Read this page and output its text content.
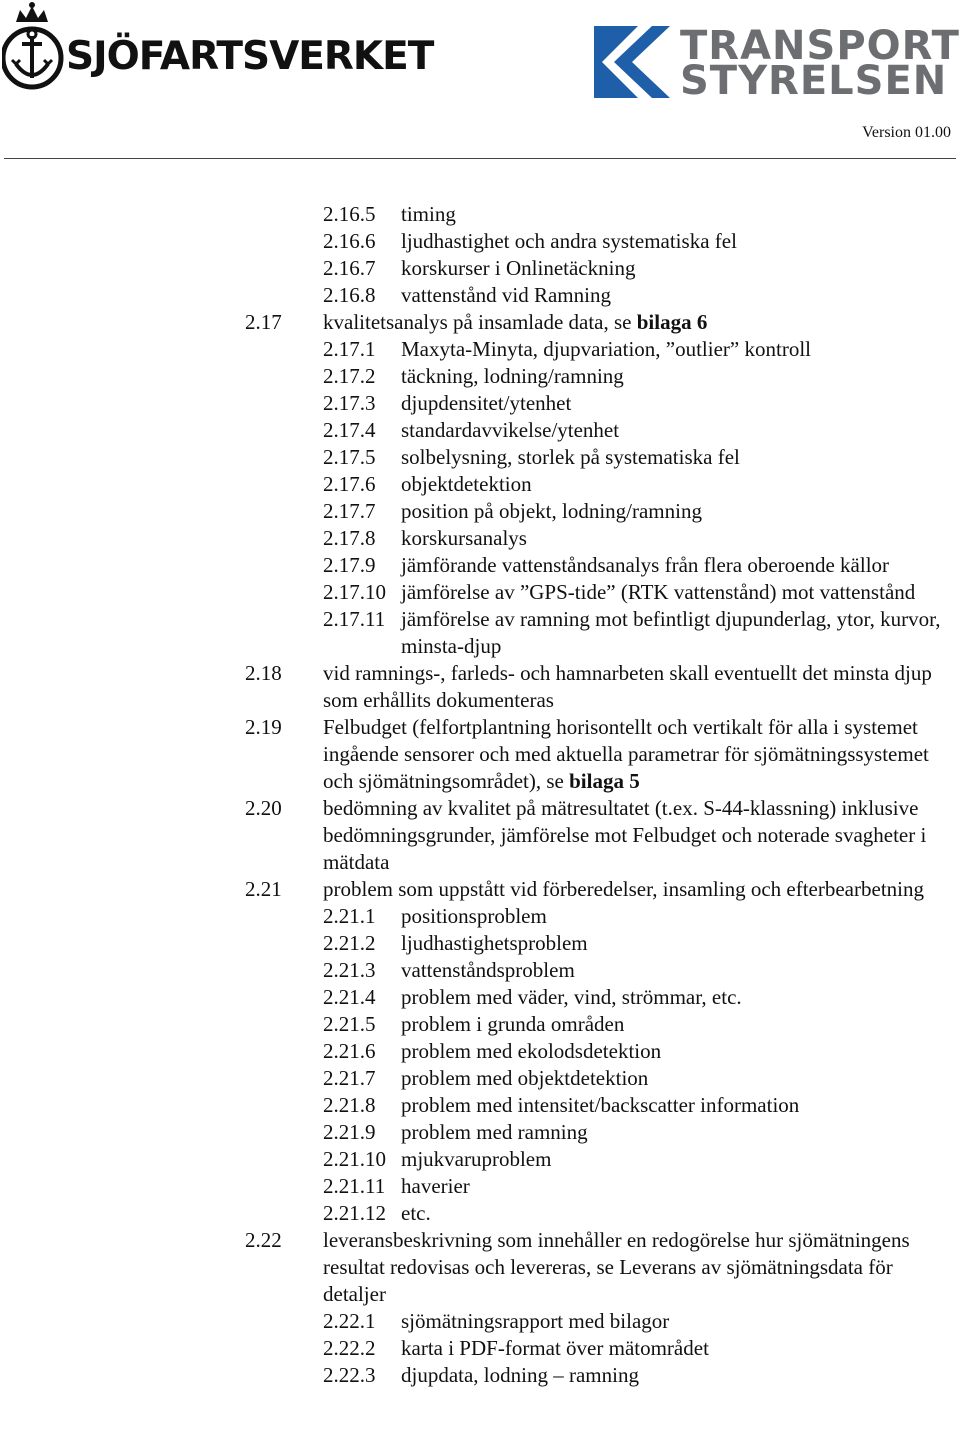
SJÖFARTSVERKET	TRANSPORT
STYRELSEN
Version 01.00
2.16.5 timing
2.16.6 ljudhastighet och andra systematiska fel
2.16.7 korskurser i Onlinetäckning
2.16.8 vattenstånd vid Ramning
2.17 kvalitetsanalys på insamlade data, se bilaga 6
2.17.1 Maxyta-Minyta, djupvariation, ”outlier” kontroll
2.17.2 täckning, lodning/ramning
2.17.3 djupdensitet/ytenhet
2.17.4 standardavvikelse/ytenhet
2.17.5 solbelysning, storlek på systematiska fel
2.17.6 objektdetektion
2.17.7 position på objekt, lodning/ramning
2.17.8 korskursanalys
2.17.9 jämförande vattenståndsanalys från flera oberoende källor
2.17.10 jämförelse av ”GPS-tide” (RTK vattenstånd) mot vattenstånd
2.17.11 jämförelse av ramning mot befintligt djupunderlag, ytor, kurvor, minsta-djup
2.18 vid ramnings-, farleds- och hamnarbeten skall eventuellt det minsta djup som erhållits dokumenteras
2.19 Felbudget (felfortplantning horisontellt och vertikalt för alla i systemet ingående sensorer och med aktuella parametrar för sjömätningssystemet och sjömätningsområdet), se bilaga 5
2.20 bedömning av kvalitet på mätresultatet (t.ex. S-44-klassning) inklusive bedömningsgrunder, jämförelse mot Felbudget och noterade svagheter i mätdata
2.21 problem som uppstått vid förberedelser, insamling och efterbearbetning
2.21.1 positionsproblem
2.21.2 ljudhastighetsproblem
2.21.3 vattenståndsproblem
2.21.4 problem med väder, vind, strömmar, etc.
2.21.5 problem i grunda områden
2.21.6 problem med ekolodsdetektion
2.21.7 problem med objektdetektion
2.21.8 problem med intensitet/backscatter information
2.21.9 problem med ramning
2.21.10 mjukvaruproblem
2.21.11 haverier
2.21.12 etc.
2.22 leveransbeskrivning som innehåller en redogörelse hur sjömätningens resultat redovisas och levereras, se Leverans av sjömätningsdata för detaljer
2.22.1 sjömätningsrapport med bilagor
2.22.2 karta i PDF-format över mätområdet
2.22.3 djupdata, lodning – ramning
